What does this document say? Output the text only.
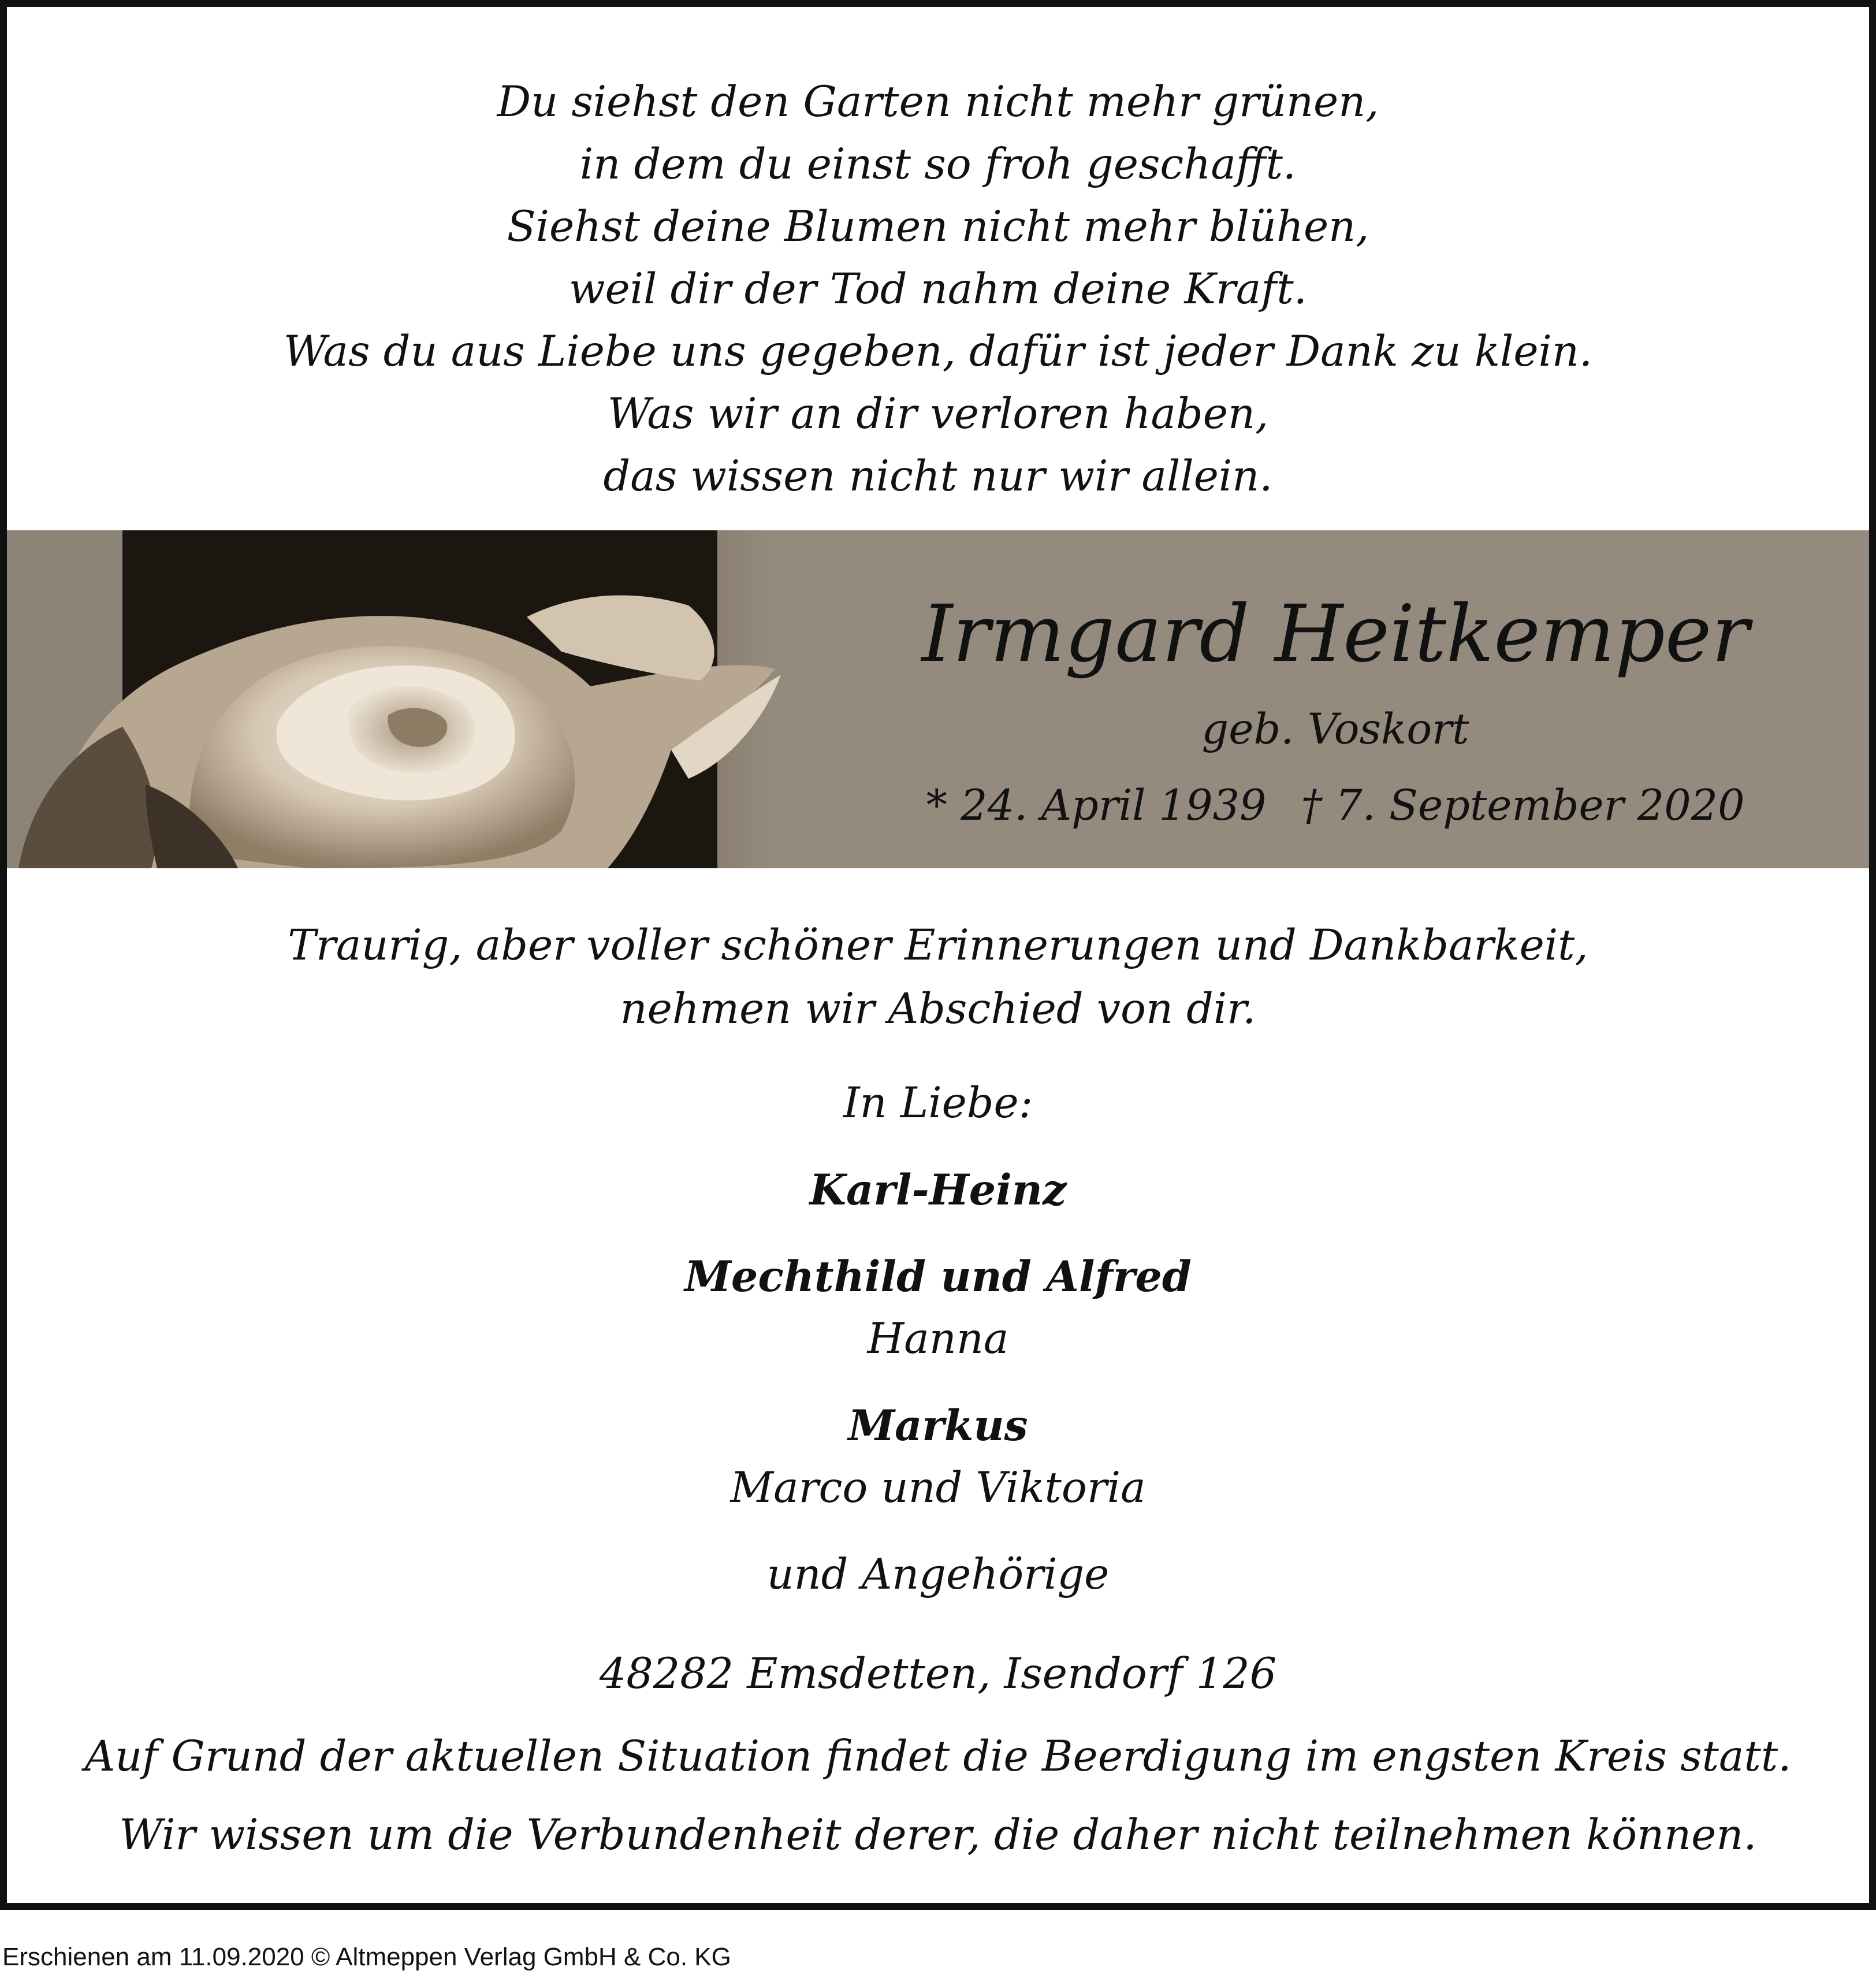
Du siehst den Garten nicht mehr grünen,
in dem du einst so froh geschafft.
Siehst deine Blumen nicht mehr blühen,
weil dir der Tod nahm deine Kraft.
Was du aus Liebe uns gegeben, dafür ist jeder Dank zu klein.
Was wir an dir verloren haben,
das wissen nicht nur wir allein.
Irmgard Heitkemper
geb. Voskort
* 24. April 1939 † 7. September 2020
Traurig, aber voller schöner Erinnerungen und Dankbarkeit,
nehmen wir Abschied von dir.
In Liebe:
Karl-Heinz
Mechthild und Alfred
Hanna
Markus
Marco und Viktoria
und Angehörige
48282 Emsdetten, Isendorf 126
Auf Grund der aktuellen Situation findet die Beerdigung im engsten Kreis statt.
Wir wissen um die Verbundenheit derer, die daher nicht teilnehmen können.
Erschienen am 11.09.2020 © Altmeppen Verlag GmbH & Co. KG
